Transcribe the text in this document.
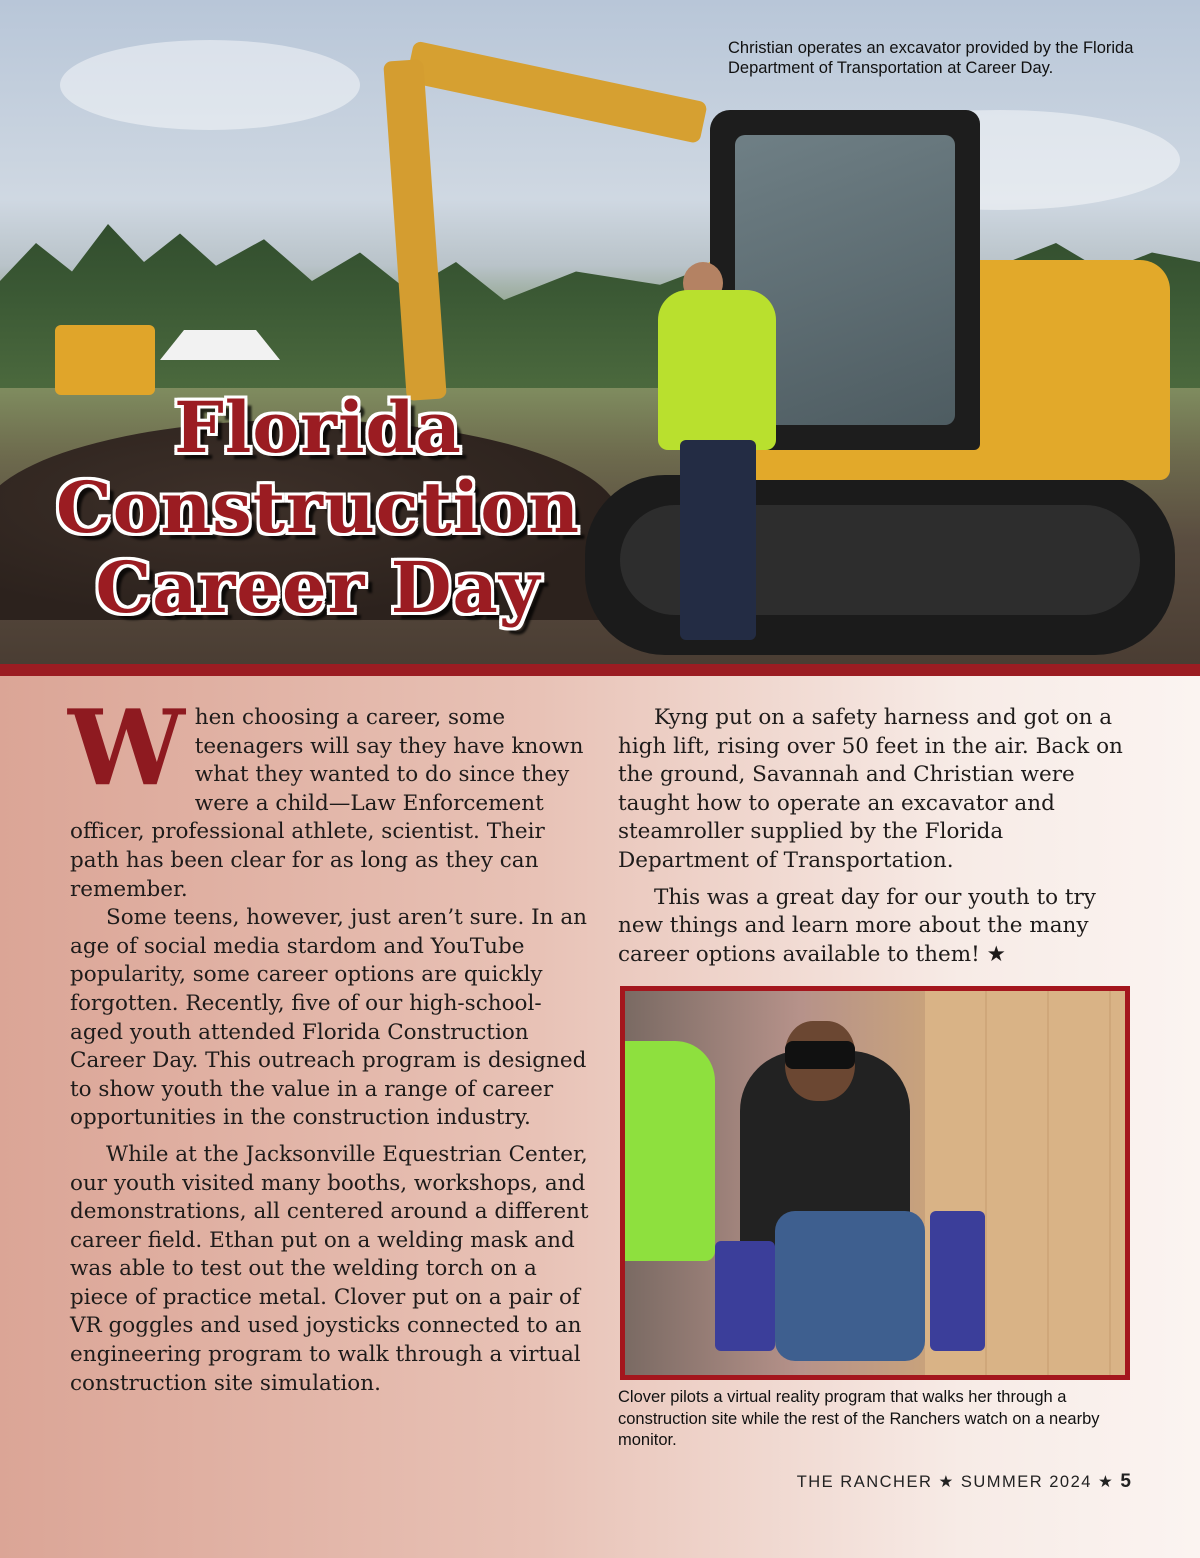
Christian operates an excavator provided by the Florida Department of Transportation at Career Day.
Florida
Construction
Career Day

When choosing a career, some teenagers will say they have known what they wanted to do since they were a child—Law Enforcement officer, professional athlete, scientist. Their path has been clear for as long as they can remember.

Some teens, however, just aren’t sure. In an age of social media stardom and YouTube popularity, some career options are quickly forgotten. Recently, five of our high-school-aged youth attended Florida Construction Career Day. This outreach program is designed to show youth the value in a range of career opportunities in the construction industry.

While at the Jacksonville Equestrian Center, our youth visited many booths, workshops, and demonstrations, all centered around a different career field. Ethan put on a welding mask and was able to test out the welding torch on a piece of practice metal. Clover put on a pair of VR goggles and used joysticks connected to an engineering program to walk through a virtual construction site simulation.

Kyng put on a safety harness and got on a high lift, rising over 50 feet in the air. Back on the ground, Savannah and Christian were taught how to operate an excavator and steamroller supplied by the Florida Department of Transportation.

This was a great day for our youth to try new things and learn more about the many career options available to them! ★

Clover pilots a virtual reality program that walks her through a construction site while the rest of the Ranchers watch on a nearby monitor.
THE RANCHER ★ SUMMER 2024 ★ 5
